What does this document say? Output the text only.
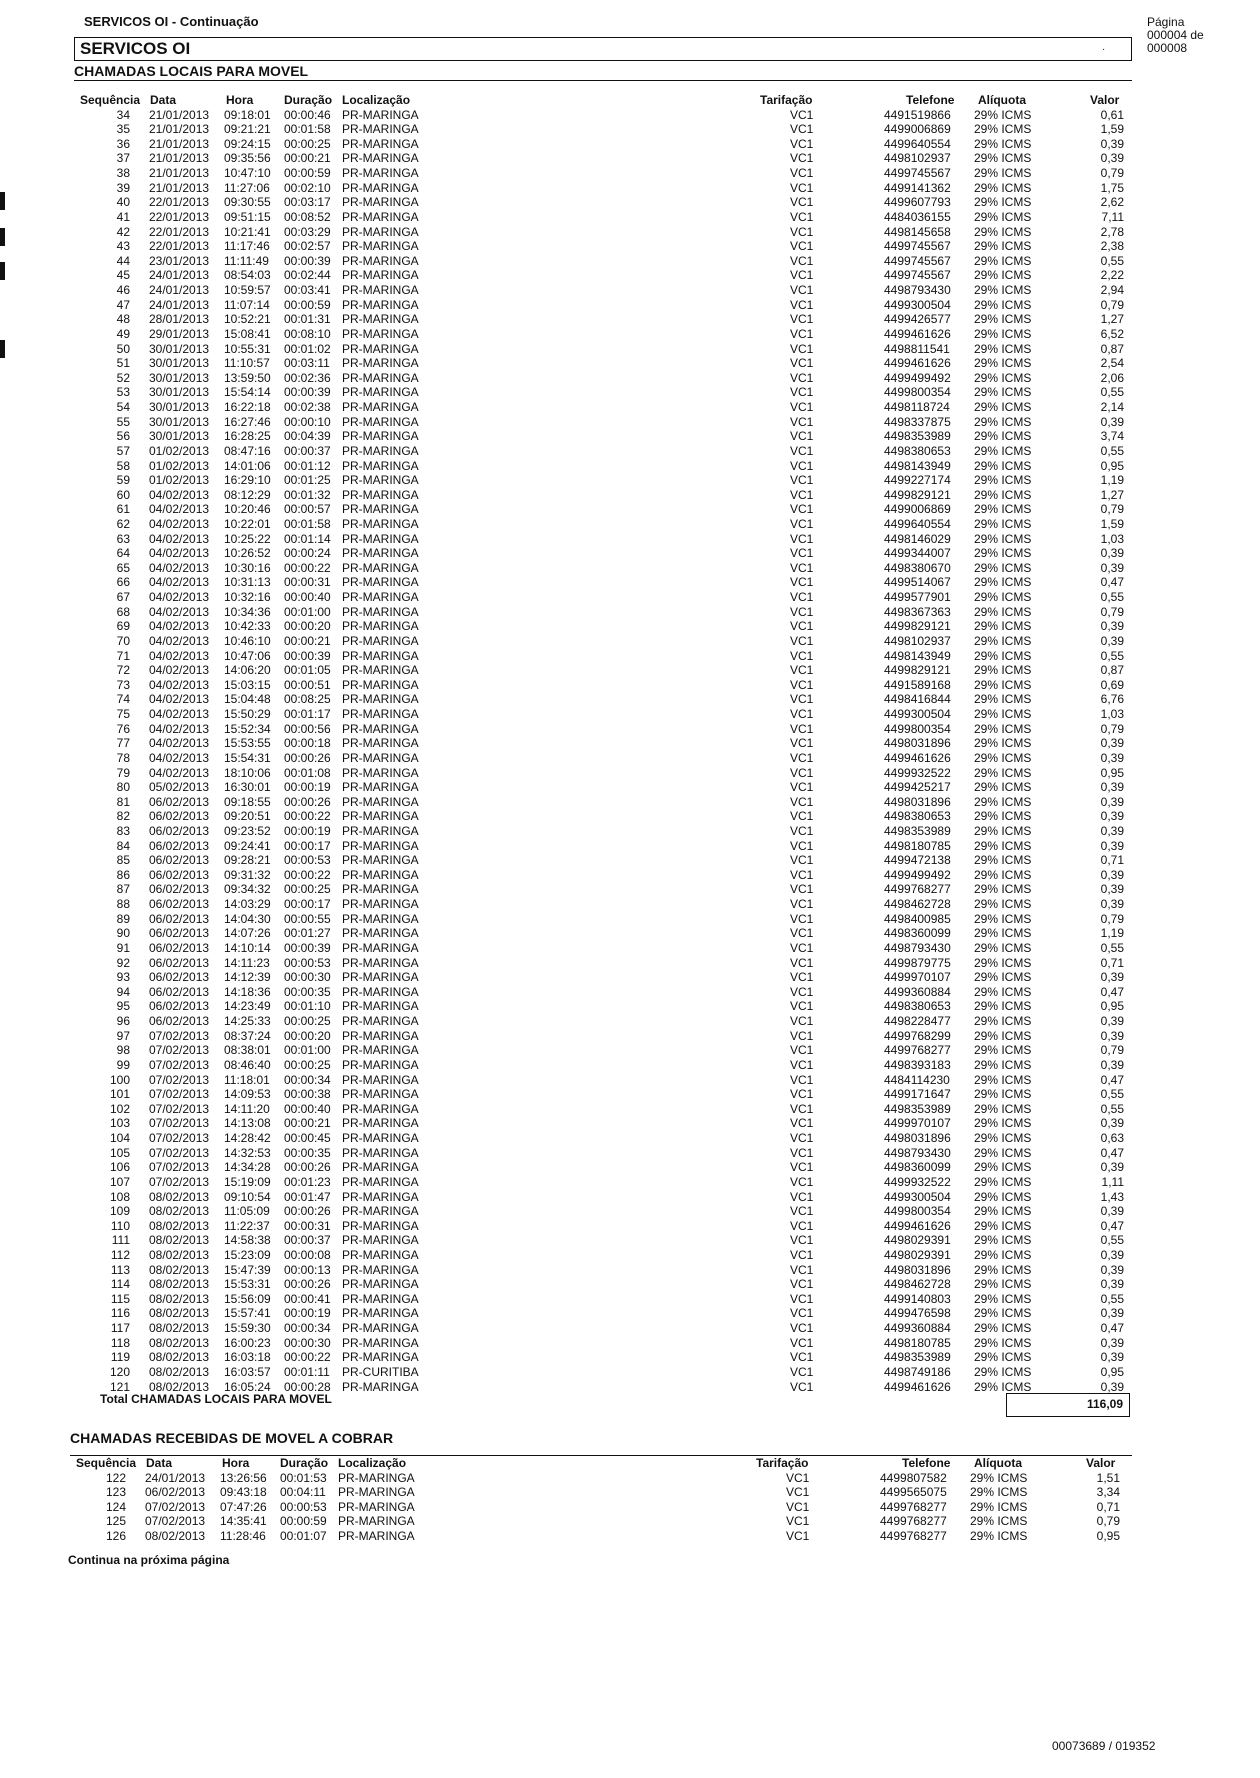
SERVICOS OI - Continuação	Página
000004 de
000008
SERVICOS OI	.
CHAMADAS LOCAIS PARA MOVEL
Sequência Data	Hora	Duração Localização	Tarifação	Telefone Alíquota	Valor
34 21/01/2013 09:18:01 00:00:46 PR-MARINGA	VC1	4491519866 29% ICMS	0,61
35 21/01/2013 09:21:21 00:01:58 PR-MARINGA	VC1	4499006869 29% ICMS	1,59
36 21/01/2013 09:24:15 00:00:25 PR-MARINGA	VC1	4499640554 29% ICMS	0,39
37 21/01/2013 09:35:56 00:00:21 PR-MARINGA	VC1	4498102937 29% ICMS	0,39
38 21/01/2013 10:47:10 00:00:59 PR-MARINGA	VC1	4499745567 29% ICMS	0,79
39 21/01/2013 11:27:06 00:02:10 PR-MARINGA	VC1	4499141362 29% ICMS	1,75
40 22/01/2013 09:30:55 00:03:17 PR-MARINGA	VC1	4499607793 29% ICMS	2,62
41 22/01/2013 09:51:15 00:08:52 PR-MARINGA	VC1	4484036155 29% ICMS	7,11
42 22/01/2013 10:21:41 00:03:29 PR-MARINGA	VC1	4498145658 29% ICMS	2,78
43 22/01/2013 11:17:46 00:02:57 PR-MARINGA	VC1	4499745567 29% ICMS	2,38
44 23/01/2013 11:11:49 00:00:39 PR-MARINGA	VC1	4499745567 29% ICMS	0,55
45 24/01/2013 08:54:03 00:02:44 PR-MARINGA	VC1	4499745567 29% ICMS	2,22
46 24/01/2013 10:59:57 00:03:41 PR-MARINGA	VC1	4498793430 29% ICMS	2,94
47 24/01/2013 11:07:14 00:00:59 PR-MARINGA	VC1	4499300504 29% ICMS	0,79
48 28/01/2013 10:52:21 00:01:31 PR-MARINGA	VC1	4499426577 29% ICMS	1,27
49 29/01/2013 15:08:41 00:08:10 PR-MARINGA	VC1	4499461626 29% ICMS	6,52
50 30/01/2013 10:55:31 00:01:02 PR-MARINGA	VC1	4498811541 29% ICMS	0,87
51 30/01/2013 11:10:57 00:03:11 PR-MARINGA	VC1	4499461626 29% ICMS	2,54
52 30/01/2013 13:59:50 00:02:36 PR-MARINGA	VC1	4499499492 29% ICMS	2,06
53 30/01/2013 15:54:14 00:00:39 PR-MARINGA	VC1	4499800354 29% ICMS	0,55
54 30/01/2013 16:22:18 00:02:38 PR-MARINGA	VC1	4498118724 29% ICMS	2,14
55 30/01/2013 16:27:46 00:00:10 PR-MARINGA	VC1	4498337875 29% ICMS	0,39
56 30/01/2013 16:28:25 00:04:39 PR-MARINGA	VC1	4498353989 29% ICMS	3,74
57 01/02/2013 08:47:16 00:00:37 PR-MARINGA	VC1	4498380653 29% ICMS	0,55
58 01/02/2013 14:01:06 00:01:12 PR-MARINGA	VC1	4498143949 29% ICMS	0,95
59 01/02/2013 16:29:10 00:01:25 PR-MARINGA	VC1	4499227174 29% ICMS	1,19
60 04/02/2013 08:12:29 00:01:32 PR-MARINGA	VC1	4499829121 29% ICMS	1,27
61 04/02/2013 10:20:46 00:00:57 PR-MARINGA	VC1	4499006869 29% ICMS	0,79
62 04/02/2013 10:22:01 00:01:58 PR-MARINGA	VC1	4499640554 29% ICMS	1,59
63 04/02/2013 10:25:22 00:01:14 PR-MARINGA	VC1	4498146029 29% ICMS	1,03
64 04/02/2013 10:26:52 00:00:24 PR-MARINGA	VC1	4499344007 29% ICMS	0,39
65 04/02/2013 10:30:16 00:00:22 PR-MARINGA	VC1	4498380670 29% ICMS	0,39
66 04/02/2013 10:31:13 00:00:31 PR-MARINGA	VC1	4499514067 29% ICMS	0,47
67 04/02/2013 10:32:16 00:00:40 PR-MARINGA	VC1	4499577901 29% ICMS	0,55
68 04/02/2013 10:34:36 00:01:00 PR-MARINGA	VC1	4498367363 29% ICMS	0,79
69 04/02/2013 10:42:33 00:00:20 PR-MARINGA	VC1	4499829121 29% ICMS	0,39
70 04/02/2013 10:46:10 00:00:21 PR-MARINGA	VC1	4498102937 29% ICMS	0,39
71 04/02/2013 10:47:06 00:00:39 PR-MARINGA	VC1	4498143949 29% ICMS	0,55
72 04/02/2013 14:06:20 00:01:05 PR-MARINGA	VC1	4499829121 29% ICMS	0,87
73 04/02/2013 15:03:15 00:00:51 PR-MARINGA	VC1	4491589168 29% ICMS	0,69
74 04/02/2013 15:04:48 00:08:25 PR-MARINGA	VC1	4498416844 29% ICMS	6,76
75 04/02/2013 15:50:29 00:01:17 PR-MARINGA	VC1	4499300504 29% ICMS	1,03
76 04/02/2013 15:52:34 00:00:56 PR-MARINGA	VC1	4499800354 29% ICMS	0,79
77 04/02/2013 15:53:55 00:00:18 PR-MARINGA	VC1	4498031896 29% ICMS	0,39
78 04/02/2013 15:54:31 00:00:26 PR-MARINGA	VC1	4499461626 29% ICMS	0,39
79 04/02/2013 18:10:06 00:01:08 PR-MARINGA	VC1	4499932522 29% ICMS	0,95
80 05/02/2013 16:30:01 00:00:19 PR-MARINGA	VC1	4499425217 29% ICMS	0,39
81 06/02/2013 09:18:55 00:00:26 PR-MARINGA	VC1	4498031896 29% ICMS	0,39
82 06/02/2013 09:20:51 00:00:22 PR-MARINGA	VC1	4498380653 29% ICMS	0,39
83 06/02/2013 09:23:52 00:00:19 PR-MARINGA	VC1	4498353989 29% ICMS	0,39
84 06/02/2013 09:24:41 00:00:17 PR-MARINGA	VC1	4498180785 29% ICMS	0,39
85 06/02/2013 09:28:21 00:00:53 PR-MARINGA	VC1	4499472138 29% ICMS	0,71
86 06/02/2013 09:31:32 00:00:22 PR-MARINGA	VC1	4499499492 29% ICMS	0,39
87 06/02/2013 09:34:32 00:00:25 PR-MARINGA	VC1	4499768277 29% ICMS	0,39
88 06/02/2013 14:03:29 00:00:17 PR-MARINGA	VC1	4498462728 29% ICMS	0,39
89 06/02/2013 14:04:30 00:00:55 PR-MARINGA	VC1	4498400985 29% ICMS	0,79
90 06/02/2013 14:07:26 00:01:27 PR-MARINGA	VC1	4498360099 29% ICMS	1,19
91 06/02/2013 14:10:14 00:00:39 PR-MARINGA	VC1	4498793430 29% ICMS	0,55
92 06/02/2013 14:11:23 00:00:53 PR-MARINGA	VC1	4499879775 29% ICMS	0,71
93 06/02/2013 14:12:39 00:00:30 PR-MARINGA	VC1	4499970107 29% ICMS	0,39
94 06/02/2013 14:18:36 00:00:35 PR-MARINGA	VC1	4499360884 29% ICMS	0,47
95 06/02/2013 14:23:49 00:01:10 PR-MARINGA	VC1	4498380653 29% ICMS	0,95
96 06/02/2013 14:25:33 00:00:25 PR-MARINGA	VC1	4498228477 29% ICMS	0,39
97 07/02/2013 08:37:24 00:00:20 PR-MARINGA	VC1	4499768299 29% ICMS	0,39
98 07/02/2013 08:38:01 00:01:00 PR-MARINGA	VC1	4499768277 29% ICMS	0,79
99 07/02/2013 08:46:40 00:00:25 PR-MARINGA	VC1	4498393183 29% ICMS	0,39
100 07/02/2013 11:18:01 00:00:34 PR-MARINGA	VC1	4484114230 29% ICMS	0,47
101 07/02/2013 14:09:53 00:00:38 PR-MARINGA	VC1	4499171647 29% ICMS	0,55
102 07/02/2013 14:11:20 00:00:40 PR-MARINGA	VC1	4498353989 29% ICMS	0,55
103 07/02/2013 14:13:08 00:00:21 PR-MARINGA	VC1	4499970107 29% ICMS	0,39
104 07/02/2013 14:28:42 00:00:45 PR-MARINGA	VC1	4498031896 29% ICMS	0,63
105 07/02/2013 14:32:53 00:00:35 PR-MARINGA	VC1	4498793430 29% ICMS	0,47
106 07/02/2013 14:34:28 00:00:26 PR-MARINGA	VC1	4498360099 29% ICMS	0,39
107 07/02/2013 15:19:09 00:01:23 PR-MARINGA	VC1	4499932522 29% ICMS	1,11
108 08/02/2013 09:10:54 00:01:47 PR-MARINGA	VC1	4499300504 29% ICMS	1,43
109 08/02/2013 11:05:09 00:00:26 PR-MARINGA	VC1	4499800354 29% ICMS	0,39
110 08/02/2013 11:22:37 00:00:31 PR-MARINGA	VC1	4499461626 29% ICMS	0,47
111 08/02/2013 14:58:38 00:00:37 PR-MARINGA	VC1	4498029391 29% ICMS	0,55
112 08/02/2013 15:23:09 00:00:08 PR-MARINGA	VC1	4498029391 29% ICMS	0,39
113 08/02/2013 15:47:39 00:00:13 PR-MARINGA	VC1	4498031896 29% ICMS	0,39
114 08/02/2013 15:53:31 00:00:26 PR-MARINGA	VC1	4498462728 29% ICMS	0,39
115 08/02/2013 15:56:09 00:00:41 PR-MARINGA	VC1	4499140803 29% ICMS	0,55
116 08/02/2013 15:57:41 00:00:19 PR-MARINGA	VC1	4499476598 29% ICMS	0,39
117 08/02/2013 15:59:30 00:00:34 PR-MARINGA	VC1	4499360884 29% ICMS	0,47
118 08/02/2013 16:00:23 00:00:30 PR-MARINGA	VC1	4498180785 29% ICMS	0,39
119 08/02/2013 16:03:18 00:00:22 PR-MARINGA	VC1	4498353989 29% ICMS	0,39
120 08/02/2013 16:03:57 00:01:11 PR-CURITIBA	VC1	4498749186 29% ICMS	0,95
121 08/02/2013 16:05:24 00:00:28 PR-MARINGA	VC1	4499461626 29% ICMS	0,39
Total CHAMADAS LOCAIS PARA MOVEL	116,09
CHAMADAS RECEBIDAS DE MOVEL A COBRAR
Sequência Data	Hora	Duração Localização	Tarifação	Telefone Alíquota	Valor
122 24/01/2013 13:26:56 00:01:53 PR-MARINGA	VC1	4499807582 29% ICMS	1,51
123 06/02/2013 09:43:18 00:04:11 PR-MARINGA	VC1	4499565075 29% ICMS	3,34
124 07/02/2013 07:47:26 00:00:53 PR-MARINGA	VC1	4499768277 29% ICMS	0,71
125 07/02/2013 14:35:41 00:00:59 PR-MARINGA	VC1	4499768277 29% ICMS	0,79
126 08/02/2013 11:28:46 00:01:07 PR-MARINGA	VC1	4499768277 29% ICMS	0,95
Continua na próxima página
00073689 / 019352
